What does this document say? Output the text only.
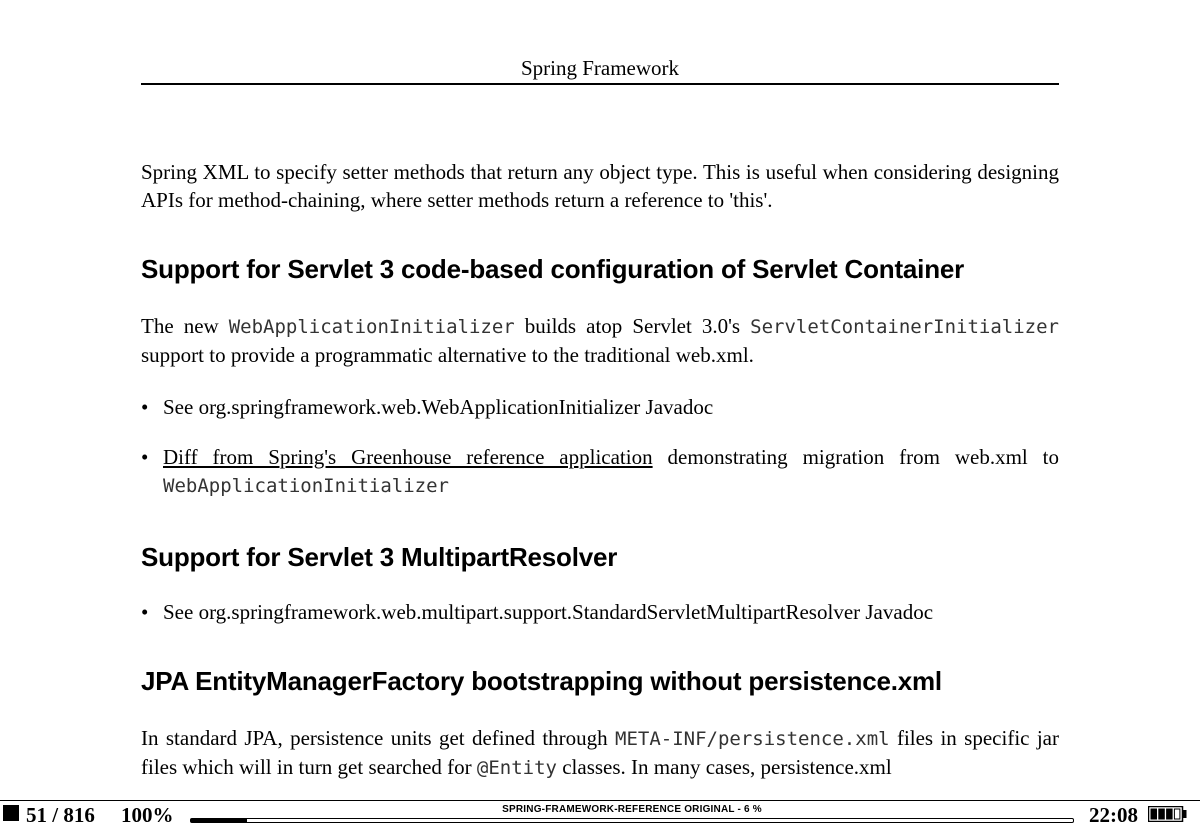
Spring Framework

Spring XML to specify setter methods that return any object type. This is useful when considering designing APIs for method-chaining, where setter methods return a reference to 'this'.

Support for Servlet 3 code-based configuration of Servlet Container

The new WebApplicationInitializer builds atop Servlet 3.0's ServletContainerInitializer support to provide a programmatic alternative to the traditional web.xml.

• See org.springframework.web.WebApplicationInitializer Javadoc
• Diff from Spring's Greenhouse reference application demonstrating migration from web.xml to WebApplicationInitializer
Support for Servlet 3 MultipartResolver
• See org.springframework.web.multipart.support.StandardServletMultipartResolver Javadoc
JPA EntityManagerFactory bootstrapping without persistence.xml

In standard JPA, persistence units get defined through META-INF/persistence.xml files in specific jar files which will in turn get searched for @Entity classes. In many cases, persistence.xml

51 / 816 100%	SPRING-FRAMEWORK-REFERENCE ORIGINAL - 6 %	22:08
